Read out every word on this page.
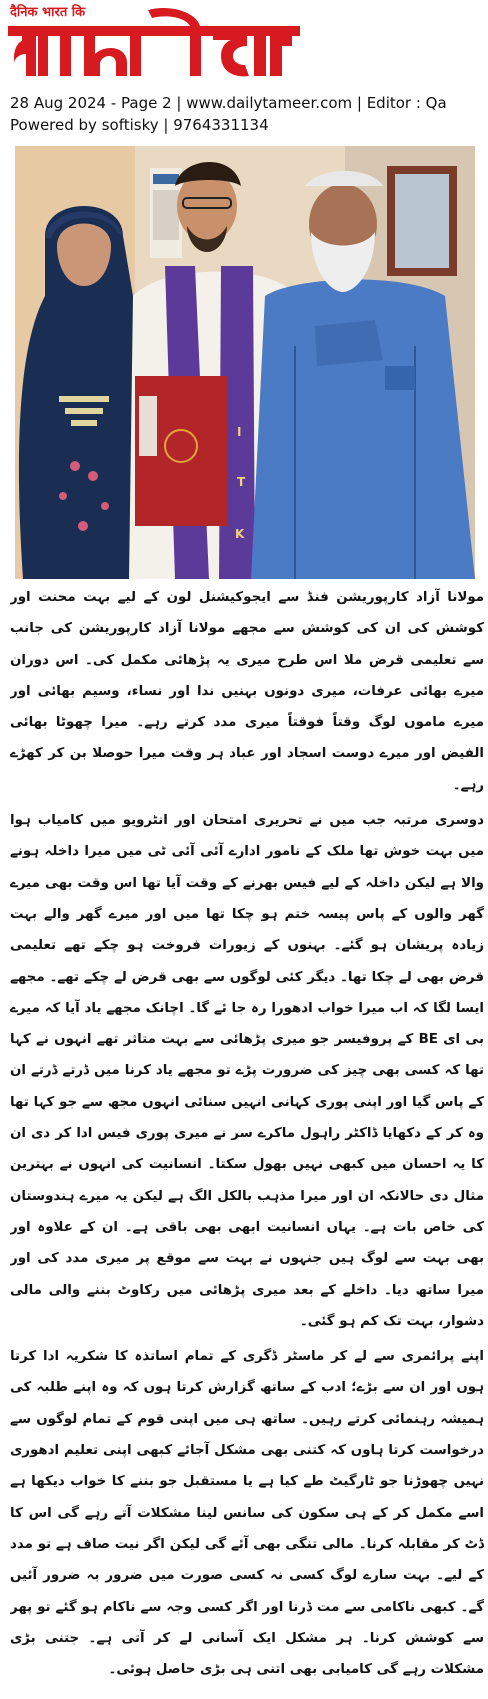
दैनिक भारत कि
28 Aug 2024 - Page 2 | www.dailytameer.com | Editor : Qa
Powered by softisky | 9764331134
I
T
K

مولانا آزاد کارپوریشن فنڈ سے ایجوکیشنل لون کے لیے بہت محنت اور کوشش کی ان کی کوشش سے مجھے مولانا آزاد کارپوریشن کی جانب سے تعلیمی قرض ملا اس طرح میری یہ پڑھائی مکمل کی۔ اس دوران میرے بھائی عرفات، میری دونوں بہنیں ندا اور نساء، وسیم بھائی اور میرے ماموں لوگ وقتاً فوقتاً میری مدد کرتے رہے۔ میرا چھوٹا بھائی الفیض اور میرے دوست اسجاد اور عباد ہر وقت میرا حوصلا بن کر کھڑے رہے۔

دوسری مرتبہ جب میں نے تحریری امتحان اور انٹرویو میں کامیاب ہوا میں بہت خوش تھا ملک کے نامور ادارے آئی آئی ٹی میں میرا داخلہ ہونے والا ہے لیکن داخلہ کے لیے فیس بھرنے کے وقت آیا تھا اس وقت بھی میرے گھر والوں کے پاس پیسہ ختم ہو چکا تھا میں اور میرے گھر والے بہت زیادہ پریشان ہو گئے۔ بہنوں کے زیورات فروخت ہو چکے تھے تعلیمی قرض بھی لے چکا تھا۔ دیگر کئی لوگوں سے بھی قرض لے چکے تھے۔ مجھے ایسا لگا کہ اب میرا خواب ادھورا رہ جا ئے گا۔ اچانک مجھے یاد آیا کہ میرے بی ای BE کے پروفیسر جو میری پڑھائی سے بہت متاثر تھے انہوں نے کہا تھا کہ کسی بھی چیز کی ضرورت پڑے تو مجھے یاد کرنا میں ڈرتے ڈرتے ان کے پاس گیا اور اپنی پوری کہانی انہیں سنائی انہوں مجھ سے جو کہا تھا وہ کر کے دکھایا ڈاکٹر راہول ماکرے سر نے میری پوری فیس ادا کر دی ان کا یہ احسان میں کبھی نہیں بھول سکتا۔ انسانیت کی انہوں نے بہترین مثال دی حالانکہ ان اور میرا مذہب بالکل الگ ہے لیکن یہ میرے ہندوستان کی خاص بات ہے۔ یہاں انسانیت ابھی بھی باقی ہے۔ ان کے علاوہ اور بھی بہت سے لوگ ہیں جنہوں نے بہت سے موقع پر میری مدد کی اور میرا ساتھ دیا۔ داخلے کے بعد میری پڑھائی میں رکاوٹ بننے والی مالی دشوار، بہت تک کم ہو گئی۔

اپنے پرائمری سے لے کر ماسٹر ڈگری کے تمام اساتذہ کا شکریہ ادا کرتا ہوں اور ان سے بڑے؛ ادب کے ساتھ گزارش کرتا ہوں کہ وہ اپنے طلبہ کی ہمیشہ رہنمائی کرتے رہیں۔ ساتھ ہی میں اپنی قوم کے تمام لوگوں سے درخواست کرتا ہاوں کہ کتنی بھی مشکل آجائے کبھی اپنی تعلیم ادھوری نہیں چھوڑنا جو ٹارگیٹ طے کیا ہے یا مستقبل جو بننے کا خواب دیکھا ہے اسے مکمل کر کے ہی سکون کی سانس لینا مشکلات آتے رہے گی اس کا ڈٹ کر مقابلہ کرنا۔ مالی تنگی بھی آئے گی لیکن اگر نیت صاف ہے تو مدد کے لیے۔ بہت سارے لوگ کسی نہ کسی صورت میں ضرور بہ ضرور آئیں گے۔ کبھی ناکامی سے مت ڈرنا اور اگر کسی وجہ سے ناکام ہو گئے تو پھر سے کوشش کرنا۔ ہر مشکل ایک آسانی لے کر آتی ہے۔ جتنی بڑی مشکلات رہے گی کامیابی بھی اتنی ہی بڑی حاصل ہوئی۔
